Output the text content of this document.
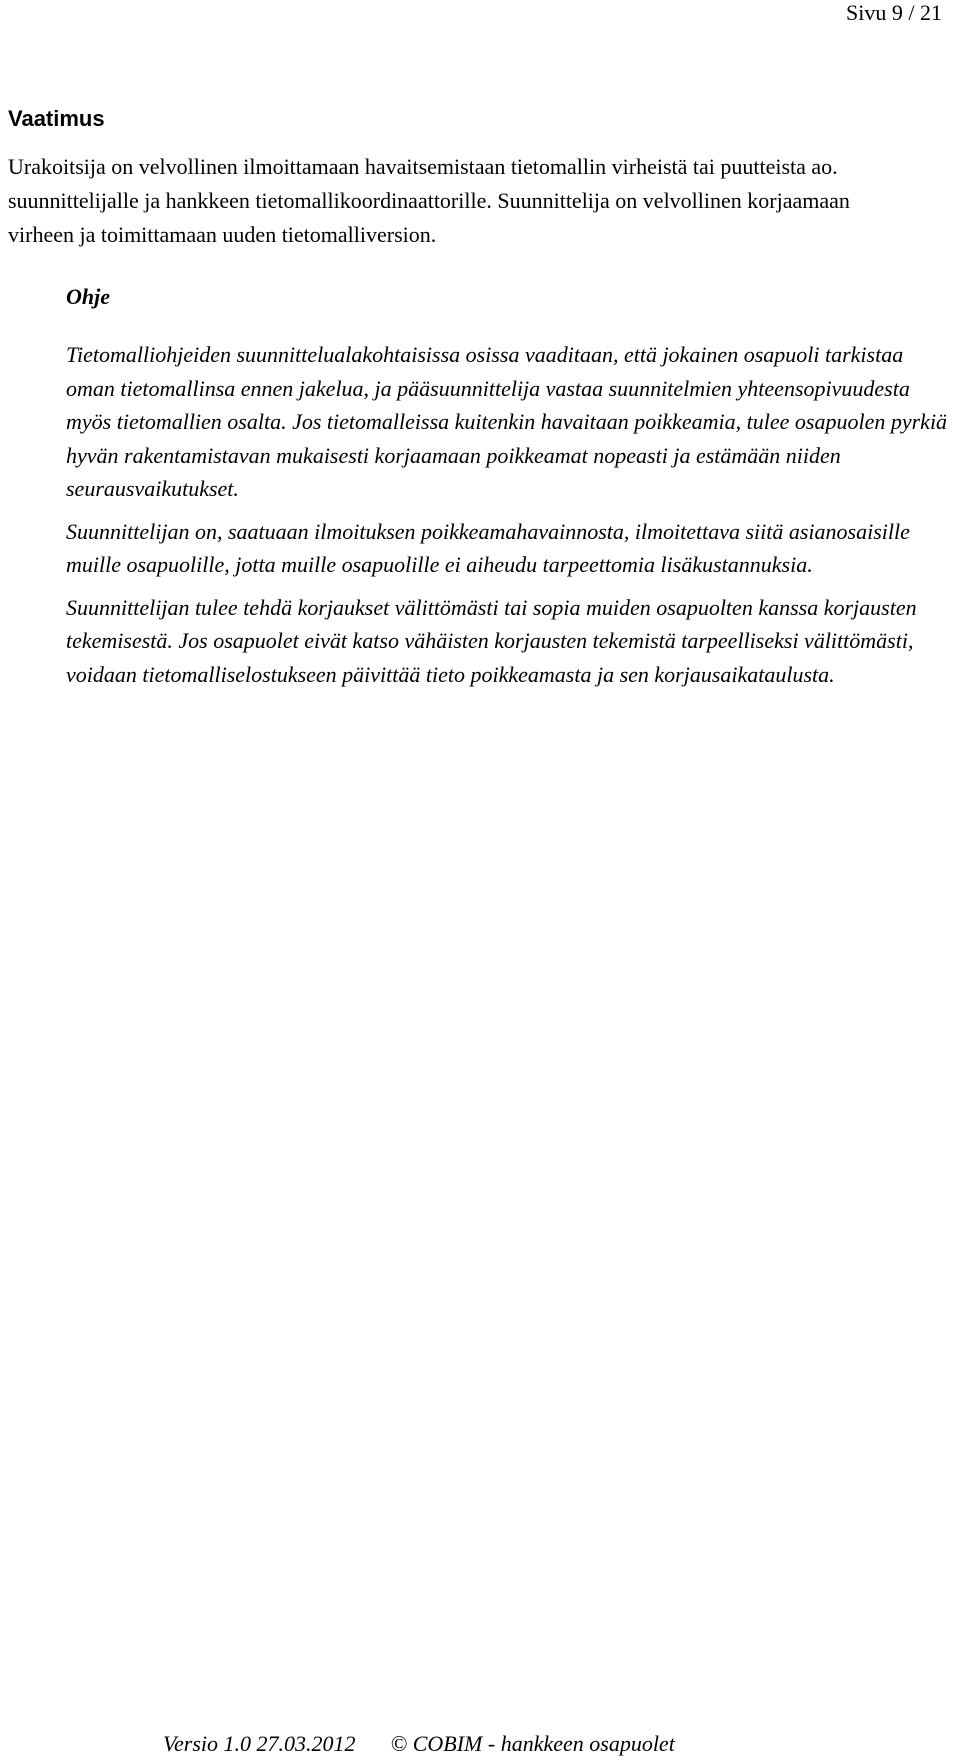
Sivu 9 / 21
Vaatimus

Urakoitsija on velvollinen ilmoittamaan havaitsemistaan tietomallin virheistä tai puutteista ao. suunnittelijalle ja hankkeen tietomallikoordinaattorille. Suunnittelija on velvollinen korjaamaan virheen ja toimittamaan uuden tietomalliversion.

Ohje

Tietomalliohjeiden suunnittelualakohtaisissa osissa vaaditaan, että jokainen osapuoli tarkistaa oman tietomallinsa ennen jakelua, ja pääsuunnittelija vastaa suunnitelmien yhteensopivuudesta myös tietomallien osalta. Jos tietomalleissa kuitenkin havaitaan poikkeamia, tulee osapuolen pyrkiä hyvän rakentamistavan mukaisesti korjaamaan poikkeamat nopeasti ja estämään niiden seurausvaikutukset.

Suunnittelijan on, saatuaan ilmoituksen poikkeamahavainnosta, ilmoitettava siitä asianosaisille muille osapuolille, jotta muille osapuolille ei aiheudu tarpeettomia lisäkustannuksia.

Suunnittelijan tulee tehdä korjaukset välittömästi tai sopia muiden osapuolten kanssa korjausten tekemisestä. Jos osapuolet eivät katso vähäisten korjausten tekemistä tarpeelliseksi välittömästi, voidaan tietomalliselostukseen päivittää tieto poikkeamasta ja sen korjausaikataulusta.

Versio 1.0 27.03.2012 © COBIM - hankkeen osapuolet
